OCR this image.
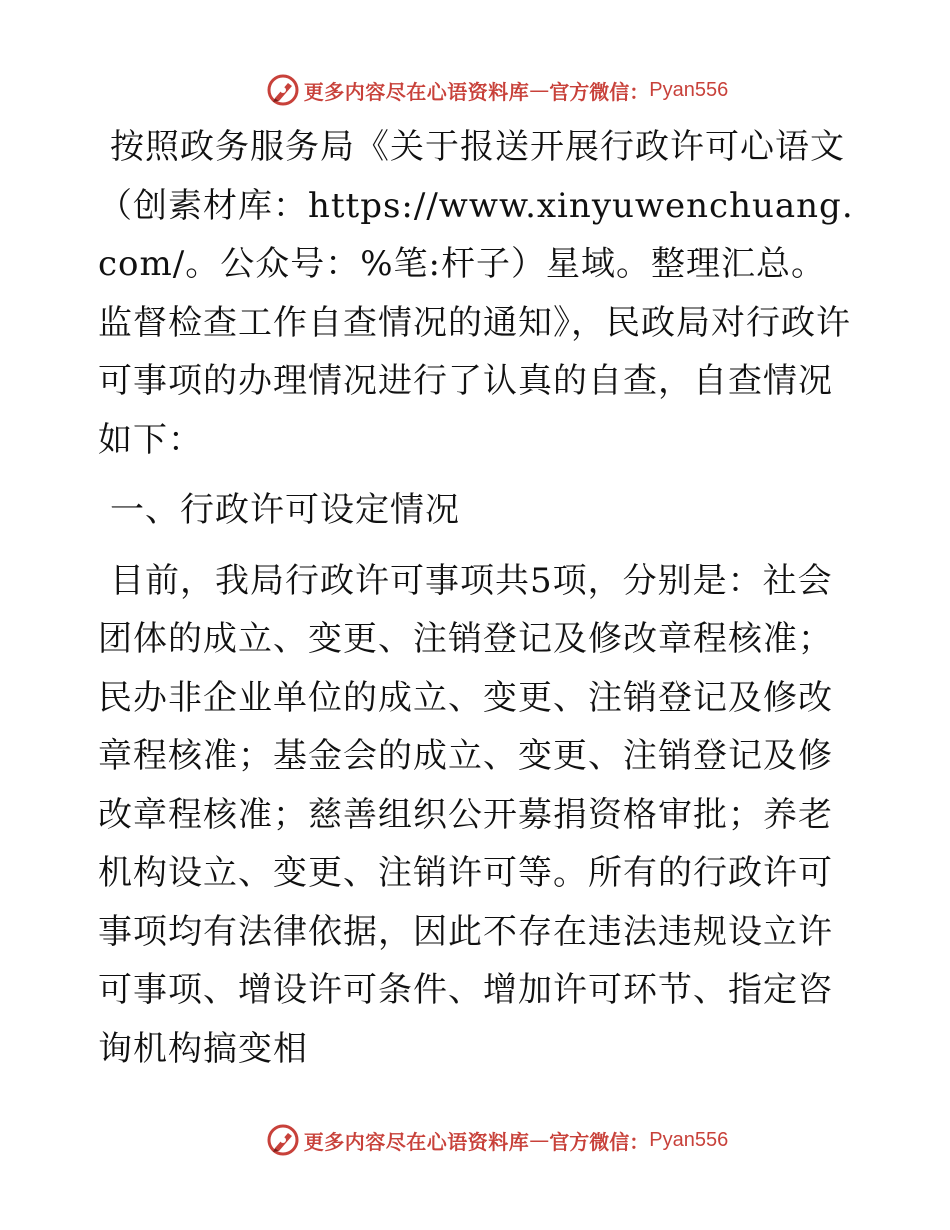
更多内容尽在心语资料库 — 官方微信： Pyan556

按照政务服务局《关于报送开展行政许可心语文（创素材库：https://www.xinyuwenchuang.com/。公众号：%笔:杆子）星域。整理汇总。监督检查工作自查情况的通知》，民政局对行政许可事项的办理情况进行了认真的自查，自查情况如下：

一、行政许可设定情况

目前，我局行政许可事项共5项，分别是：社会团体的成立、变更、注销登记及修改章程核准；民办非企业单位的成立、变更、注销登记及修改章程核准；基金会的成立、变更、注销登记及修改章程核准；慈善组织公开募捐资格审批；养老机构设立、变更、注销许可等。所有的行政许可事项均有法律依据，因此不存在违法违规设立许可事项、增设许可条件、增加许可环节、指定咨询机构搞变相

更多内容尽在心语资料库 — 官方微信： Pyan556
